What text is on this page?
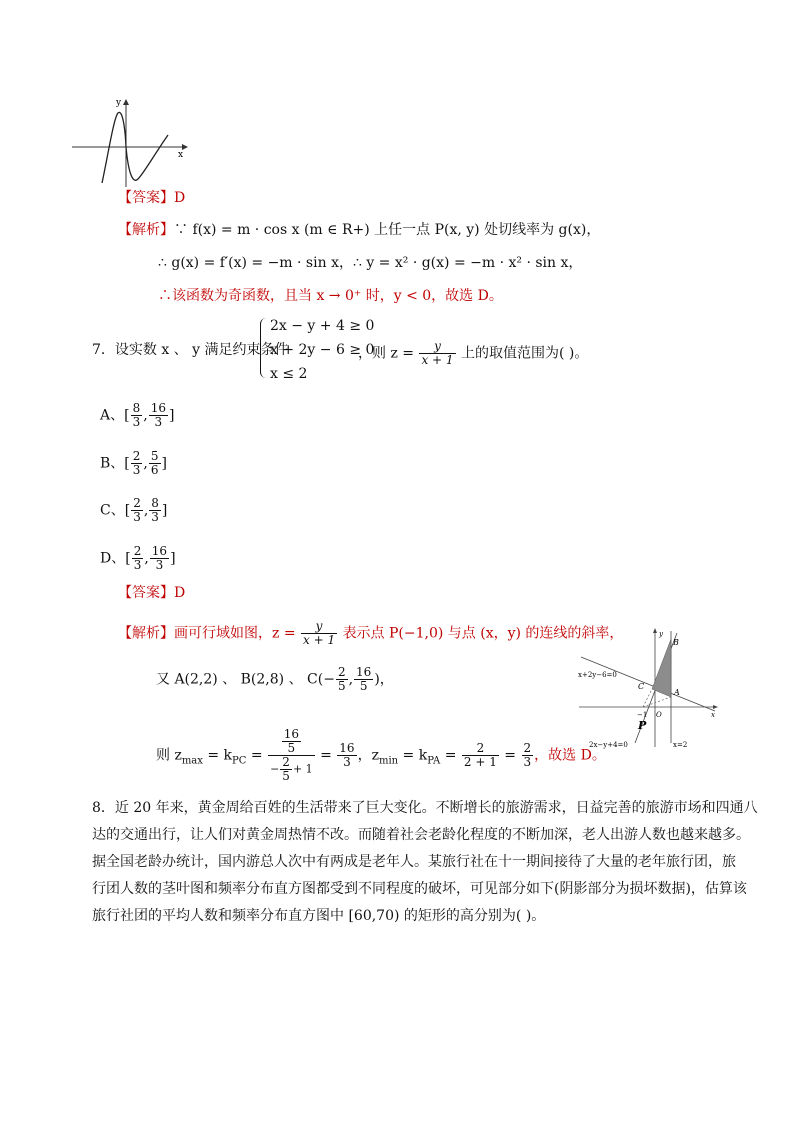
y
x
【答案】D
【解析】∵ f(x) = m · cos x (m ∈ R+) 上任一点 P(x, y) 处切线率为 g(x)，
∴ g(x) = f′(x) = −m · sin x，∴ y = x² · g(x) = −m · x² · sin x，
∴该函数为奇函数，且当 x → 0⁺ 时，y < 0，故选 D。
7．设实数 x 、 y 满足约束条件
2x − y + 4 ≥ 0
x + 2y − 6 ≥ 0
x ≤ 2
，则 $z = \frac{y}{x + 1}$ 上的取值范围为( )。
A、[ $\frac{8}{3}$ , $\frac{16}{3}$ ]
B、[ $\frac{2}{3}$ , $\frac{5}{6}$ ]
C、[ $\frac{2}{3}$ , $\frac{8}{3}$ ]
D、[ $\frac{2}{3}$ , $\frac{16}{3}$ ]
【答案】D
【解析】画可行域如图，$z = \frac{y}{x + 1}$ 表示点 P(−1,0) 与点 (x，y) 的连线的斜率，
又 A(2,2) 、 B(2,8) 、 $C(- \frac{2}{5}$ , $\frac{16}{5}$ )，
则 $z_{max} = k_{PC} = \frac{\frac{16}{5}}{- \frac{2}{5} + 1} = \frac{16}{3}$ ，$z_{min} = k_{PA} = \frac{2}{2 + 1} = \frac{2}{3}$ ，故选 D。
B
A
C
O
−1
P
x+2y−6=0
2x−y+4=0	x=2
x
y
8．近 20 年来，黄金周给百姓的生活带来了巨大变化。不断增长的旅游需求，日益完善的旅游市场和四通八
达的交通出行，让人们对黄金周热情不改。而随着社会老龄化程度的不断加深，老人出游人数也越来越多。
据全国老龄办统计，国内游总人次中有两成是老年人。某旅行社在十一期间接待了大量的老年旅行团，旅
行团人数的茎叶图和频率分布直方图都受到不同程度的破坏，可见部分如下(阴影部分为损坏数据)，估算该
旅行社团的平均人数和频率分布直方图中 [60,70) 的矩形的高分别为( )。
